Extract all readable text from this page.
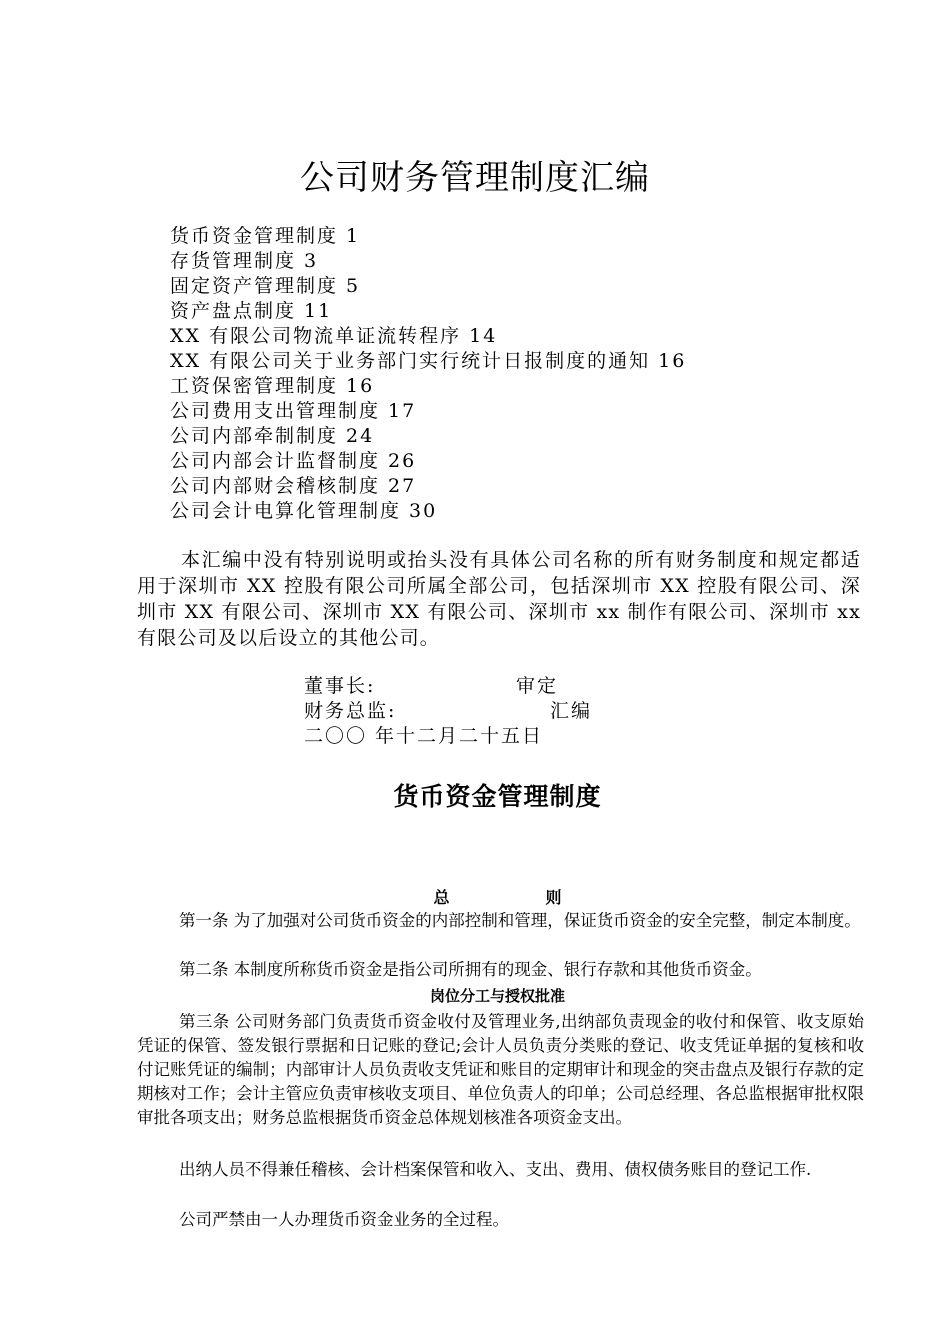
公司财务管理制度汇编
货币资金管理制度 1
存货管理制度 3
固定资产管理制度 5
资产盘点制度 11
XX 有限公司物流单证流转程序 14
XX 有限公司关于业务部门实行统计日报制度的通知 16
工资保密管理制度 16
公司费用支出管理制度 17
公司内部牵制制度 24
公司内部会计监督制度 26
公司内部财会稽核制度 27
公司会计电算化管理制度 30

本汇编中没有特别说明或抬头没有具体公司名称的所有财务制度和规定都适用于深圳市 XX 控股有限公司所属全部公司，包括深圳市 XX 控股有限公司、深圳市 XX 有限公司、深圳市 XX 有限公司、深圳市 xx 制作有限公司、深圳市 xx 有限公司及以后设立的其他公司。

董事长:	审定
财务总监:	汇编
二〇〇 年十二月二十五日
货币资金管理制度
总	则

第一条 为了加强对公司货币资金的内部控制和管理，保证货币资金的安全完整，制定本制度。

第二条 本制度所称货币资金是指公司所拥有的现金、银行存款和其他货币资金。

岗位分工与授权批准

第三条 公司财务部门负责货币资金收付及管理业务,出纳部负责现金的收付和保管、收支原始凭证的保管、签发银行票据和日记账的登记;会计人员负责分类账的登记、收支凭证单据的复核和收付记账凭证的编制；内部审计人员负责收支凭证和账目的定期审计和现金的突击盘点及银行存款的定期核对工作；会计主管应负责审核收支项目、单位负责人的印单；公司总经理、各总监根据审批权限审批各项支出；财务总监根据货币资金总体规划核准各项资金支出。

出纳人员不得兼任稽核、会计档案保管和收入、支出、费用、债权债务账目的登记工作.

公司严禁由一人办理货币资金业务的全过程。
